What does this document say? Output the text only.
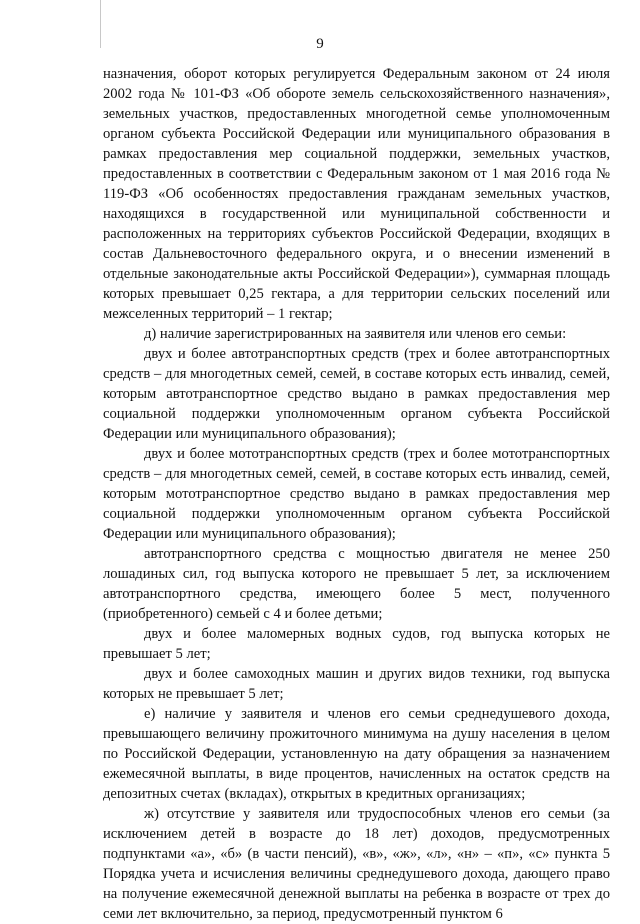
9

назначения, оборот которых регулируется Федеральным законом от 24 июля 2002 года № 101-ФЗ «Об обороте земель сельскохозяйственного назначения», земельных участков, предоставленных многодетной семье уполномоченным органом субъекта Российской Федерации или муниципального образования в рамках предоставления мер социальной поддержки, земельных участков, предоставленных в соответствии с Федеральным законом от 1 мая 2016 года № 119-ФЗ «Об особенностях предоставления гражданам земельных участков, находящихся в государственной или муниципальной собственности и расположенных на территориях субъектов Российской Федерации, входящих в состав Дальневосточного федерального округа, и о внесении изменений в отдельные законодательные акты Российской Федерации»), суммарная площадь которых превышает 0,25 гектара, а для территории сельских поселений или межселенных территорий – 1 гектар;

д) наличие зарегистрированных на заявителя или членов его семьи:

двух и более автотранспортных средств (трех и более автотранспортных средств – для многодетных семей, семей, в составе которых есть инвалид, семей, которым автотранспортное средство выдано в рамках предоставления мер социальной поддержки уполномоченным органом субъекта Российской Федерации или муниципального образования);

двух и более мототранспортных средств (трех и более мототранспортных средств – для многодетных семей, семей, в составе которых есть инвалид, семей, которым мототранспортное средство выдано в рамках предоставления мер социальной поддержки уполномоченным органом субъекта Российской Федерации или муниципального образования);

автотранспортного средства с мощностью двигателя не менее 250 лошадиных сил, год выпуска которого не превышает 5 лет, за исключением автотранспортного средства, имеющего более 5 мест, полученного (приобретенного) семьей с 4 и более детьми;

двух и более маломерных водных судов, год выпуска которых не превышает 5 лет;

двух и более самоходных машин и других видов техники, год выпуска которых не превышает 5 лет;

е) наличие у заявителя и членов его семьи среднедушевого дохода, превышающего величину прожиточного минимума на душу населения в целом по Российской Федерации, установленную на дату обращения за назначением ежемесячной выплаты, в виде процентов, начисленных на остаток средств на депозитных счетах (вкладах), открытых в кредитных организациях;

ж) отсутствие у заявителя или трудоспособных членов его семьи (за исключением детей в возрасте до 18 лет) доходов, предусмотренных подпунктами «а», «б» (в части пенсий), «в», «ж», «л», «н» – «п», «с» пункта 5 Порядка учета и исчисления величины среднедушевого дохода, дающего право на получение ежемесячной денежной выплаты на ребенка в возрасте от трех до семи лет включительно, за период, предусмотренный пунктом 6
